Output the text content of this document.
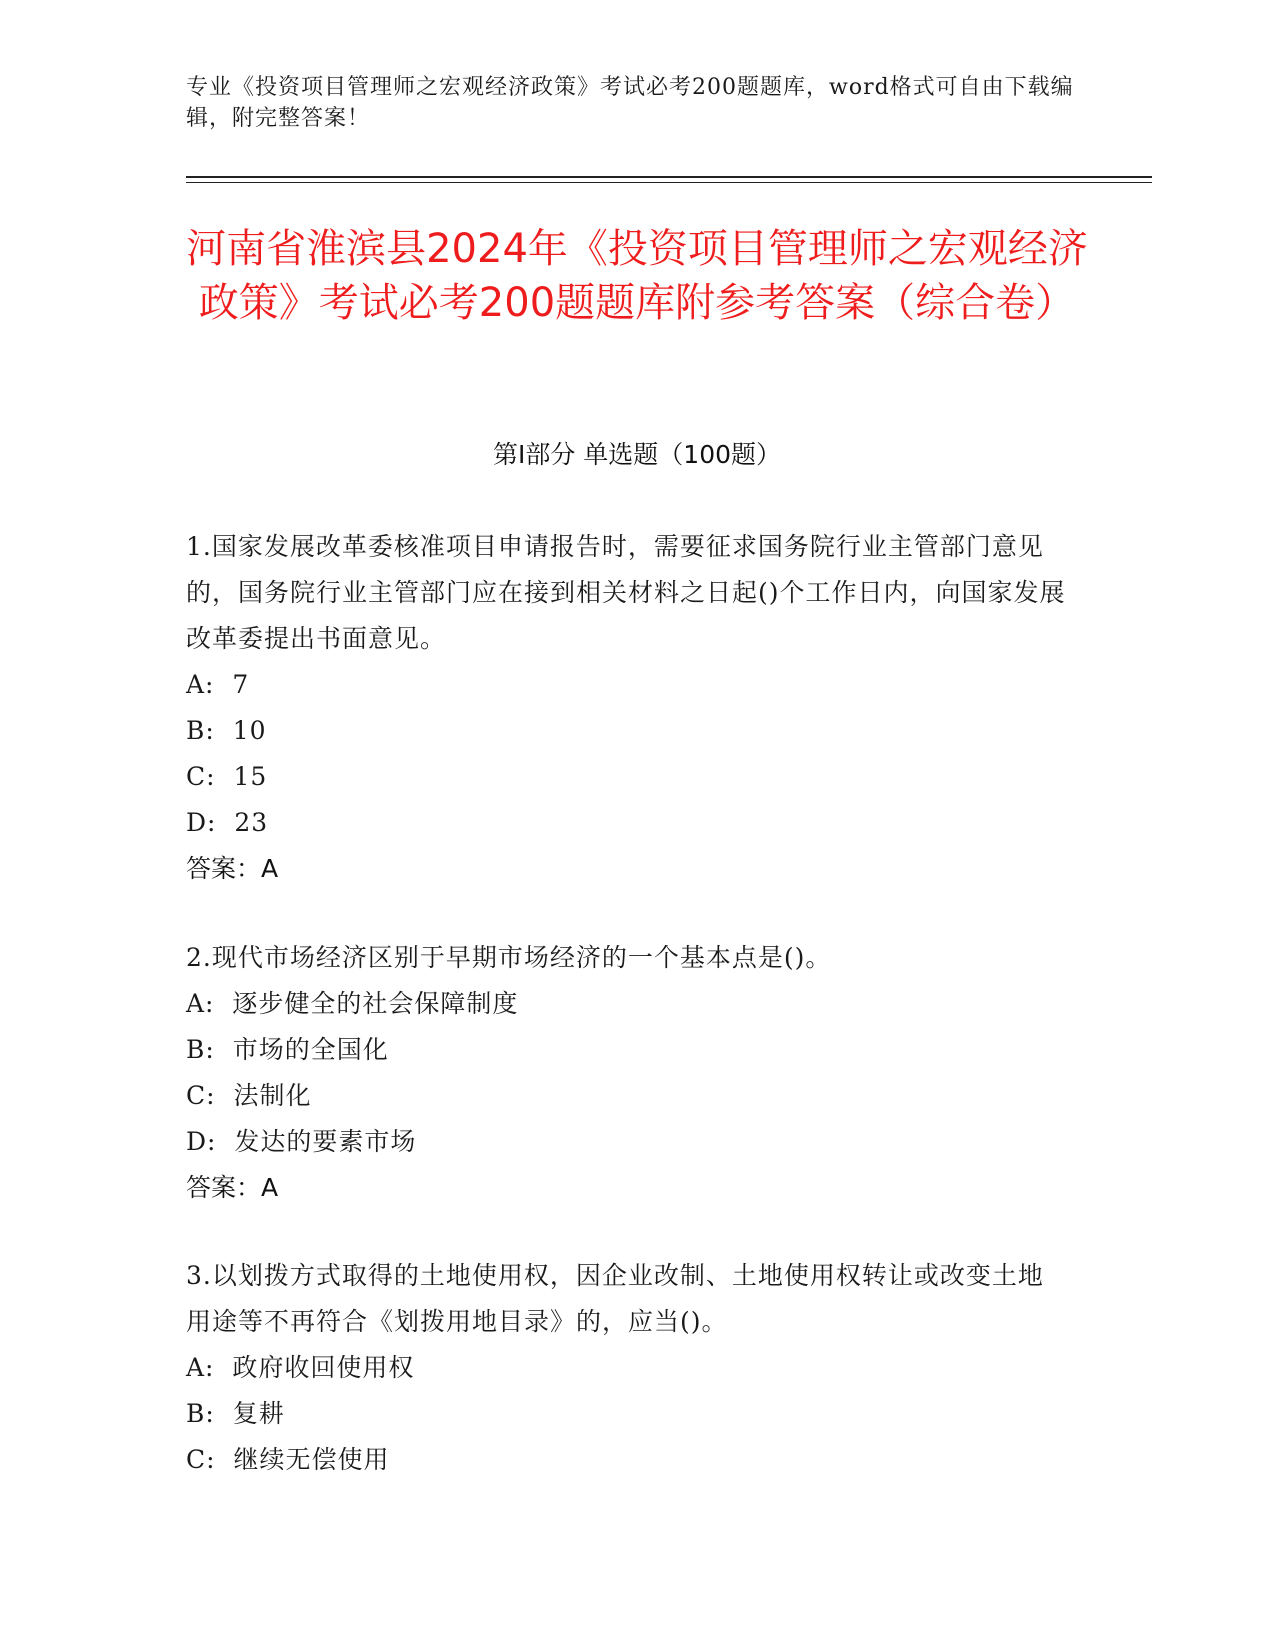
专业《投资项目管理师之宏观经济政策》考试必考200题题库，word格式可自由下载编辑，附完整答案！
河南省淮滨县2024年《投资项目管理师之宏观经济政策》考试必考200题题库附参考答案（综合卷）
第I部分 单选题（100题）

1.国家发展改革委核准项目申请报告时，需要征求国务院行业主管部门意见的，国务院行业主管部门应在接到相关材料之日起()个工作日内，向国家发展改革委提出书面意见。

A:  7

B:  10

C:  15

D:  23

答案：A

2.现代市场经济区别于早期市场经济的一个基本点是()。

A:  逐步健全的社会保障制度

B:  市场的全国化

C:  法制化

D:  发达的要素市场

答案：A

3.以划拨方式取得的土地使用权，因企业改制、土地使用权转让或改变土地用途等不再符合《划拨用地目录》的，应当()。

A:  政府收回使用权

B:  复耕

C:  继续无偿使用
